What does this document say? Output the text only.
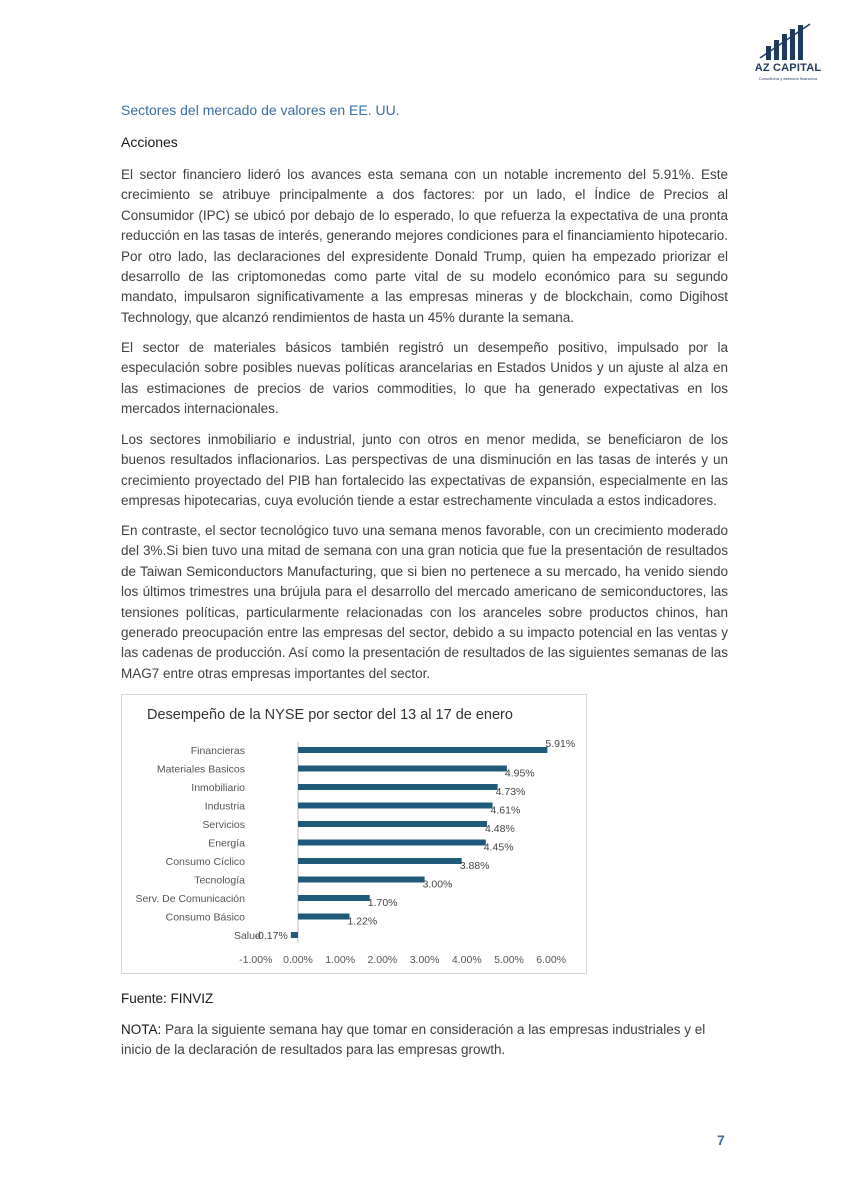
AZ CAPITAL
Consultoría y asesoría financiera
Sectores del mercado de valores en EE. UU.
Acciones

El sector financiero lideró los avances esta semana con un notable incremento del 5.91%. Este crecimiento se atribuye principalmente a dos factores: por un lado, el Índice de Precios al Consumidor (IPC) se ubicó por debajo de lo esperado, lo que refuerza la expectativa de una pronta reducción en las tasas de interés, generando mejores condiciones para el financiamiento hipotecario. Por otro lado, las declaraciones del expresidente Donald Trump, quien ha empezado priorizar el desarrollo de las criptomonedas como parte vital de su modelo económico para su segundo mandato, impulsaron significativamente a las empresas mineras y de blockchain, como Digihost Technology, que alcanzó rendimientos de hasta un 45% durante la semana.

El sector de materiales básicos también registró un desempeño positivo, impulsado por la especulación sobre posibles nuevas políticas arancelarias en Estados Unidos y un ajuste al alza en las estimaciones de precios de varios commodities, lo que ha generado expectativas en los mercados internacionales.

Los sectores inmobiliario e industrial, junto con otros en menor medida, se beneficiaron de los buenos resultados inflacionarios. Las perspectivas de una disminución en las tasas de interés y un crecimiento proyectado del PIB han fortalecido las expectativas de expansión, especialmente en las empresas hipotecarias, cuya evolución tiende a estar estrechamente vinculada a estos indicadores.

En contraste, el sector tecnológico tuvo una semana menos favorable, con un crecimiento moderado del 3%.Si bien tuvo una mitad de semana con una gran noticia que fue la presentación de resultados de Taiwan Semiconductors Manufacturing, que si bien no pertenece a su mercado, ha venido siendo los últimos trimestres una brújula para el desarrollo del mercado americano de semiconductores, las tensiones políticas, particularmente relacionadas con los aranceles sobre productos chinos, han generado preocupación entre las empresas del sector, debido a su impacto potencial en las ventas y las cadenas de producción. Así como la presentación de resultados de las siguientes semanas de las MAG7 entre otras empresas importantes del sector.

Financieras
5.91%
Materiales Basicos	4.95%
Inmobiliario	4.73%
Industria	4.61%
Servicios	4.48%
Energía	4.45%
Consumo Cíclico	3.88%
Tecnología	3.00%
Serv. De Comunicación	1.70%
Consumo Básico	1.22%
Salud
-0.17%
-1.00% 0.00% 1.00% 2.00% 3.00% 4.00% 5.00% 6.00%
Desempeño de la NYSE por sector del 13 al 17 de enero
Fuente: FINVIZ
NOTA: Para la siguiente semana hay que tomar en consideración a las empresas industriales y el inicio de la declaración de resultados para las empresas growth.
7
